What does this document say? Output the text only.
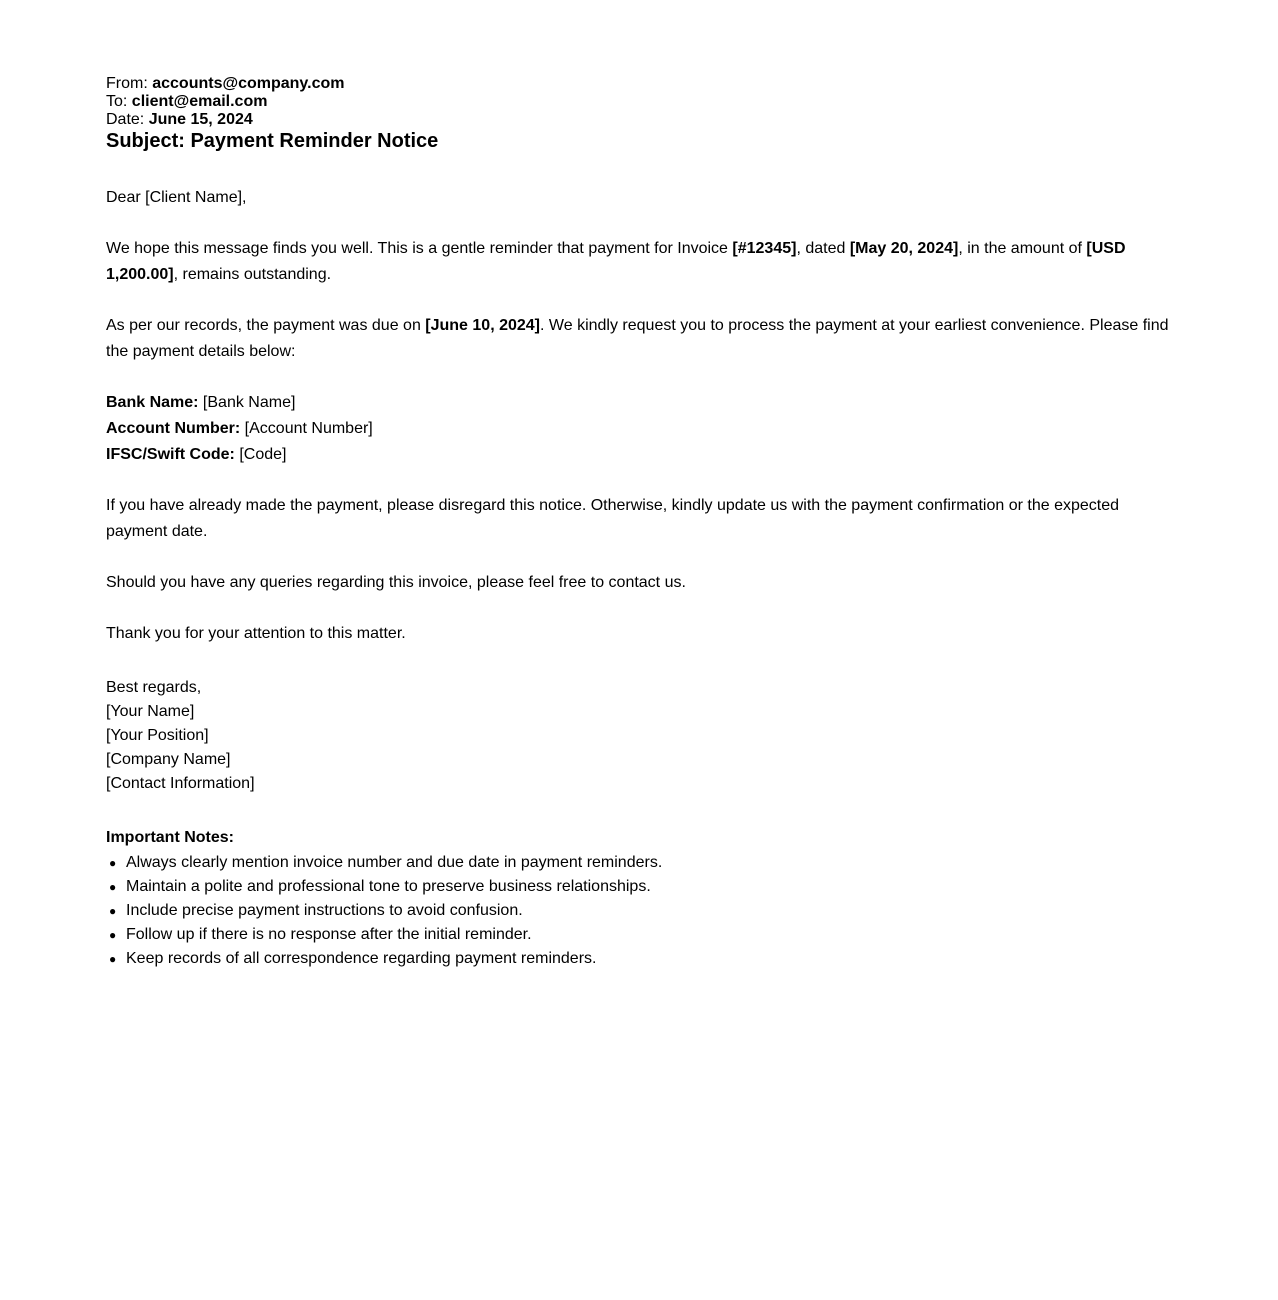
From: accounts@company.com

To: client@email.com

Date: June 15, 2024

Subject: Payment Reminder Notice

Dear [Client Name],

We hope this message finds you well. This is a gentle reminder that payment for Invoice [#12345], dated [May 20, 2024], in the amount of [USD 1,200.00], remains outstanding.

As per our records, the payment was due on [June 10, 2024]. We kindly request you to process the payment at your earliest convenience. Please find the payment details below:

Bank Name: [Bank Name]

Account Number: [Account Number]

IFSC/Swift Code: [Code]

If you have already made the payment, please disregard this notice. Otherwise, kindly update us with the payment confirmation or the expected payment date.

Should you have any queries regarding this invoice, please feel free to contact us.

Thank you for your attention to this matter.

Best regards,
[Your Name]
[Your Position]
[Company Name]
[Contact Information]
Important Notes:
● Always clearly mention invoice number and due date in payment reminders.
● Maintain a polite and professional tone to preserve business relationships.
● Include precise payment instructions to avoid confusion.
● Follow up if there is no response after the initial reminder.
● Keep records of all correspondence regarding payment reminders.
